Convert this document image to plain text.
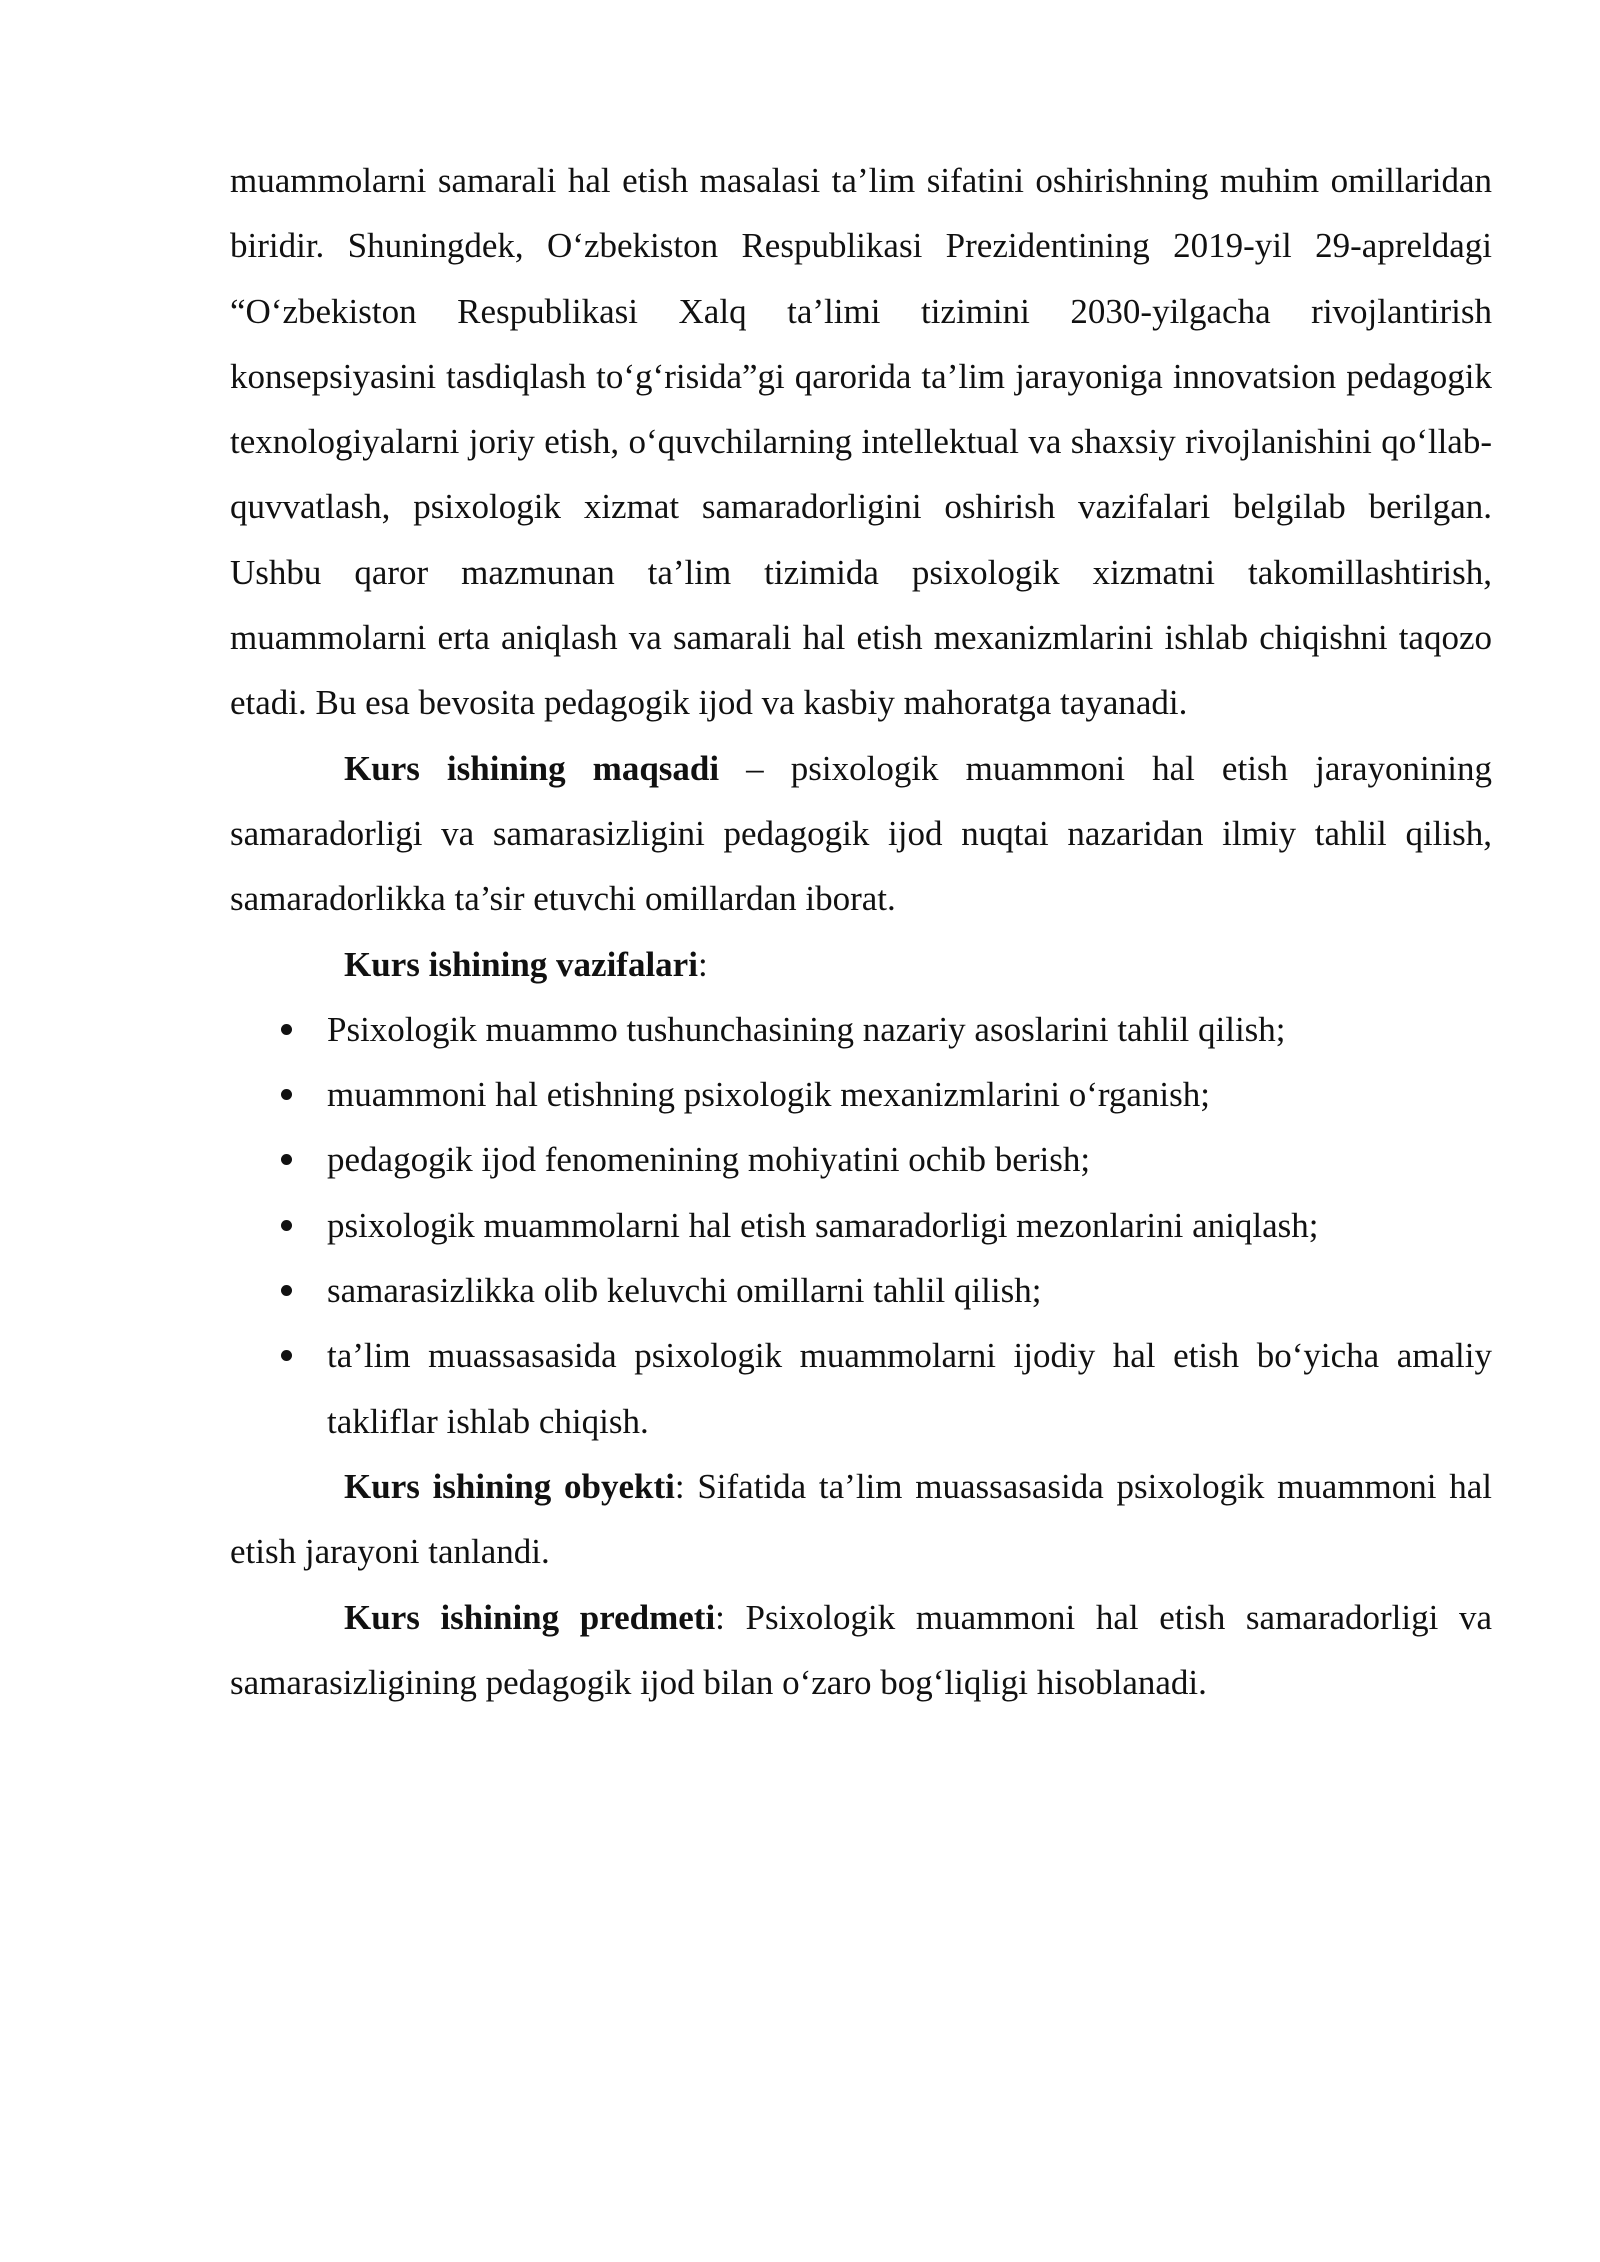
muammolarni samarali hal etish masalasi ta’lim sifatini oshirishning muhim omillaridan biridir. Shuningdek, O‘zbekiston Respublikasi Prezidentining 2019-yil 29-apreldagi “O‘zbekiston Respublikasi Xalq ta’limi tizimini 2030-yilgacha rivojlantirish konsepsiyasini tasdiqlash to‘g‘risida”gi qarorida ta’lim jarayoniga innovatsion pedagogik texnologiyalarni joriy etish, o‘quvchilarning intellektual va shaxsiy rivojlanishini qo‘llab-quvvatlash, psixologik xizmat samaradorligini oshirish vazifalari belgilab berilgan. Ushbu qaror mazmunan ta’lim tizimida psixologik xizmatni takomillashtirish, muammolarni erta aniqlash va samarali hal etish mexanizmlarini ishlab chiqishni taqozo etadi. Bu esa bevosita pedagogik ijod va kasbiy mahoratga tayanadi.

Kurs ishining maqsadi – psixologik muammoni hal etish jarayonining samaradorligi va samarasizligini pedagogik ijod nuqtai nazaridan ilmiy tahlil qilish, samaradorlikka ta’sir etuvchi omillardan iborat.

Kurs ishining vazifalari:

Psixologik muammo tushunchasining nazariy asoslarini tahlil qilish;
muammoni hal etishning psixologik mexanizmlarini o‘rganish;
pedagogik ijod fenomenining mohiyatini ochib berish;
psixologik muammolarni hal etish samaradorligi mezonlarini aniqlash;
samarasizlikka olib keluvchi omillarni tahlil qilish;
ta’lim muassasasida psixologik muammolarni ijodiy hal etish bo‘yicha amaliy takliflar ishlab chiqish.

Kurs ishining obyekti: Sifatida ta’lim muassasasida psixologik muammoni hal etish jarayoni tanlandi.

Kurs ishining predmeti: Psixologik muammoni hal etish samaradorligi va samarasizligining pedagogik ijod bilan o‘zaro bog‘liqligi hisoblanadi.
